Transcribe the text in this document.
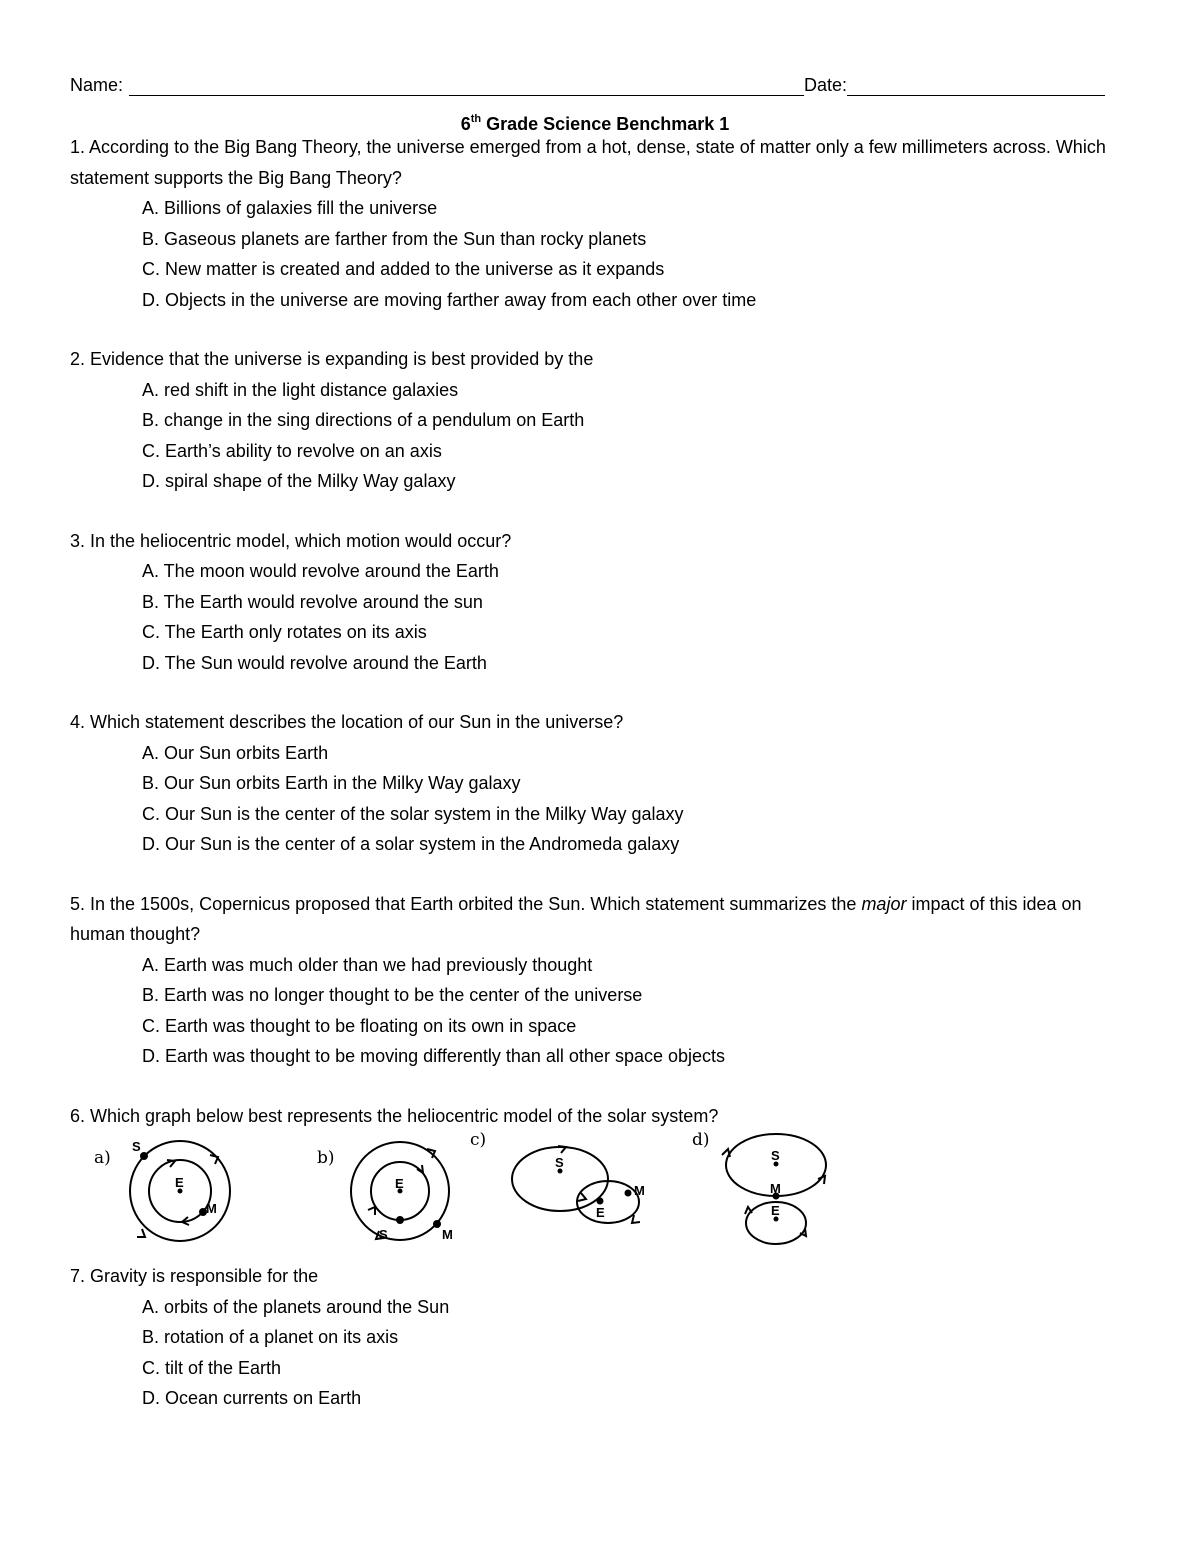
Name:	Date:
6th Grade Science Benchmark 1
1. According to the Big Bang Theory, the universe emerged from a hot, dense, state of matter only a few millimeters across. Which statement supports the Big Bang Theory?
A. Billions of galaxies fill the universe
B. Gaseous planets are farther from the Sun than rocky planets
C. New matter is created and added to the universe as it expands
D. Objects in the universe are moving farther away from each other over time
2. Evidence that the universe is expanding is best provided by the
A. red shift in the light distance galaxies
B. change in the sing directions of a pendulum on Earth
C. Earth’s ability to revolve on an axis
D. spiral shape of the Milky Way galaxy
3. In the heliocentric model, which motion would occur?
A. The moon would revolve around the Earth
B. The Earth would revolve around the sun
C. The Earth only rotates on its axis
D. The Sun would revolve around the Earth
4. Which statement describes the location of our Sun in the universe?
A. Our Sun orbits Earth
B. Our Sun orbits Earth in the Milky Way galaxy
C. Our Sun is the center of the solar system in the Milky Way galaxy
D. Our Sun is the center of a solar system in the Andromeda galaxy
5. In the 1500s, Copernicus proposed that Earth orbited the Sun. Which statement summarizes the major impact of this idea on human thought?
A. Earth was much older than we had previously thought
B. Earth was no longer thought to be the center of the universe
C. Earth was thought to be floating on its own in space
D. Earth was thought to be moving differently than all other space objects
6. Which graph below best represents the heliocentric model of the solar system?
a)
S
E
M
b)
E
S	M
c)
S
E
M
d)
S
M
E
7. Gravity is responsible for the
A. orbits of the planets around the Sun
B. rotation of a planet on its axis
C. tilt of the Earth
D. Ocean currents on Earth
